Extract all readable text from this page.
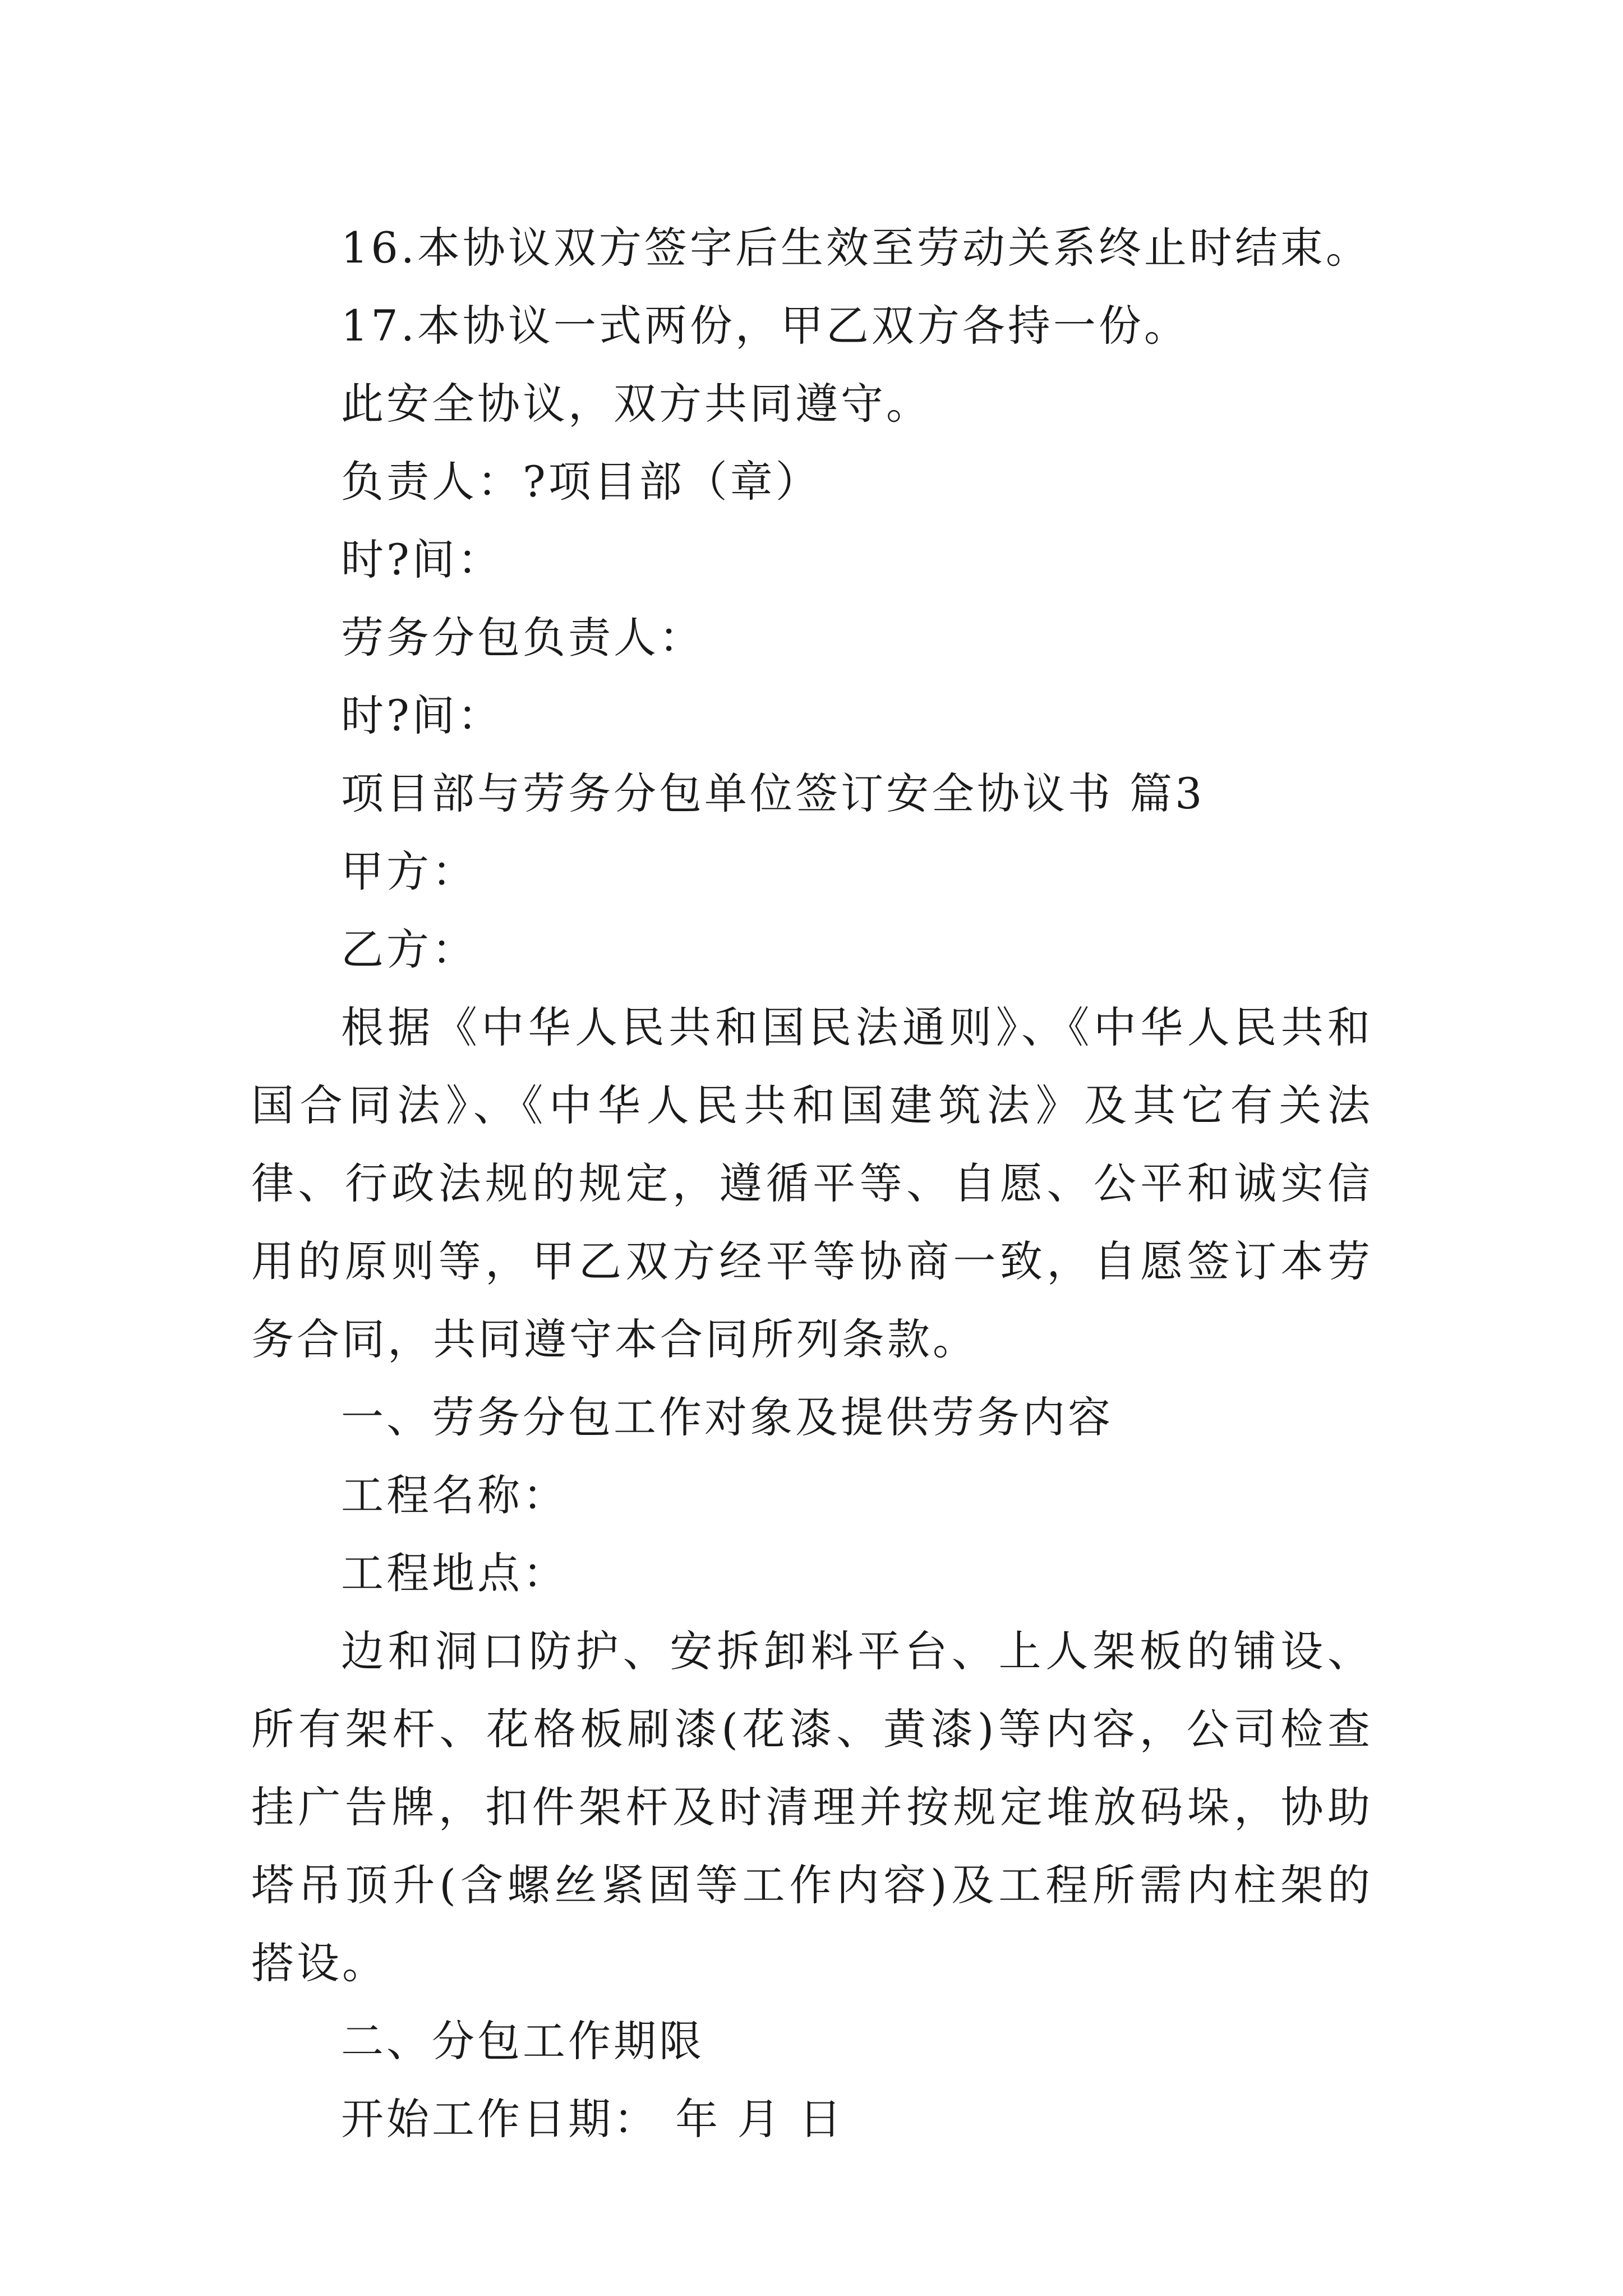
16.本协议双方签字后生效至劳动关系终止时结束。

17.本协议一式两份，甲乙双方各持一份。

此安全协议，双方共同遵守。

负责人：?项目部（章）

时?间：

劳务分包负责人：

时?间：

项目部与劳务分包单位签订安全协议书 篇3

甲方：

乙方：

根据《中华人民共和国民法通则》、《中华人民共和国合同法》、《中华人民共和国建筑法》及其它有关法律、行政法规的规定，遵循平等、自愿、公平和诚实信用的原则等，甲乙双方经平等协商一致，自愿签订本劳务合同，共同遵守本合同所列条款。

一、劳务分包工作对象及提供劳务内容

工程名称：

工程地点：

边和洞口防护、安拆卸料平台、上人架板的铺设、所有架杆、花格板刷漆(花漆、黄漆)等内容，公司检查挂广告牌，扣件架杆及时清理并按规定堆放码垛，协助塔吊顶升(含螺丝紧固等工作内容)及工程所需内柱架的搭设。

二、分包工作期限

开始工作日期： 年 月 日
